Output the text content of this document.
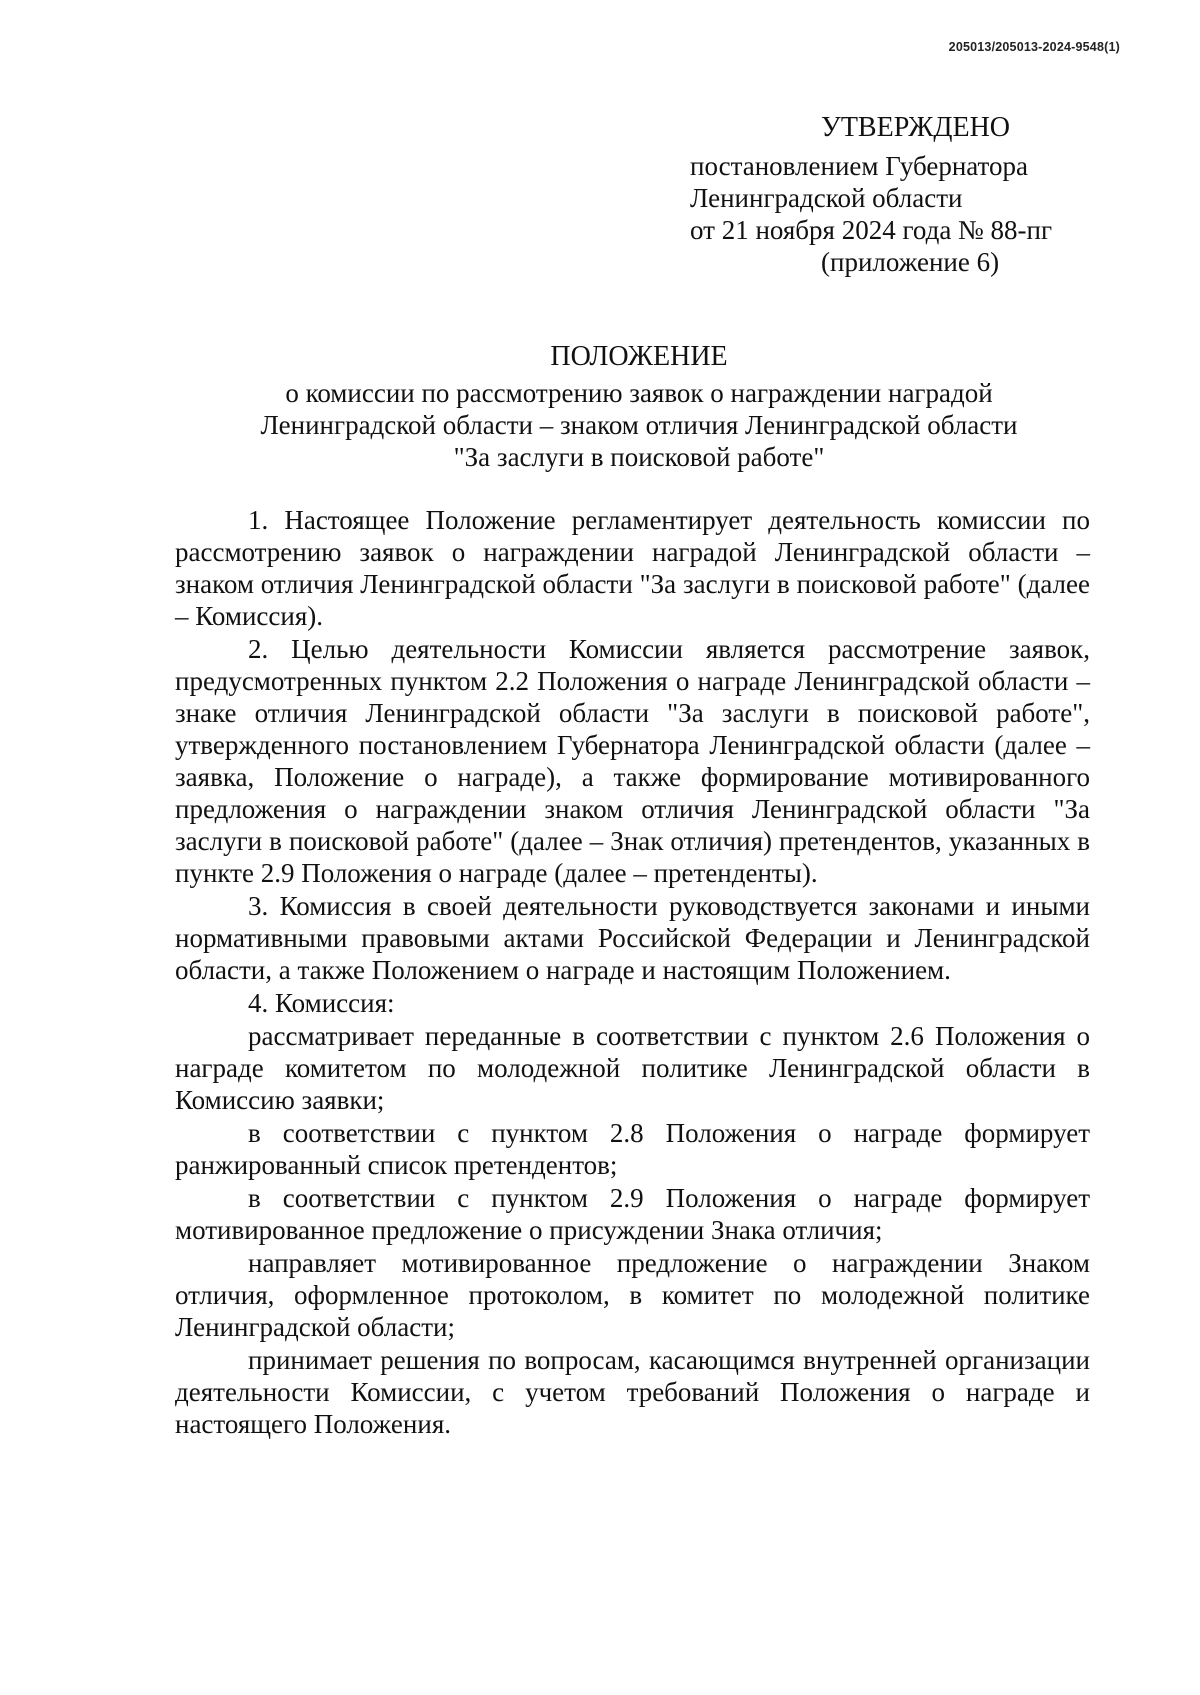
205013/205013-2024-9548(1)
УТВЕРЖДЕНО
постановлением Губернатора
Ленинградской области
от 21 ноября 2024 года № 88-пг
(приложение 6)
ПОЛОЖЕНИЕ
о комиссии по рассмотрению заявок о награждении наградой
Ленинградской области – знаком отличия Ленинградской области
"За заслуги в поисковой работе"

1. Настоящее Положение регламентирует деятельность комиссии по рассмотрению заявок о награждении наградой Ленинградской области – знаком отличия Ленинградской области "За заслуги в поисковой работе" (далее – Комиссия).

2. Целью деятельности Комиссии является рассмотрение заявок, предусмотренных пунктом 2.2 Положения о награде Ленинградской области – знаке отличия Ленинградской области "За заслуги в поисковой работе", утвержденного постановлением Губернатора Ленинградской области (далее – заявка, Положение о награде), а также формирование мотивированного предложения о награждении знаком отличия Ленинградской области "За заслуги в поисковой работе" (далее – Знак отличия) претендентов, указанных в пункте 2.9 Положения о награде (далее – претенденты).

3. Комиссия в своей деятельности руководствуется законами и иными нормативными правовыми актами Российской Федерации и Ленинградской области, а также Положением о награде и настоящим Положением.

4. Комиссия:

рассматривает переданные в соответствии с пунктом 2.6 Положения о награде комитетом по молодежной политике Ленинградской области в Комиссию заявки;

в соответствии с пунктом 2.8 Положения о награде формирует ранжированный список претендентов;

в соответствии с пунктом 2.9 Положения о награде формирует мотивированное предложение о присуждении Знака отличия;

направляет мотивированное предложение о награждении Знаком отличия, оформленное протоколом, в комитет по молодежной политике Ленинградской области;

принимает решения по вопросам, касающимся внутренней организации деятельности Комиссии, с учетом требований Положения о награде и настоящего Положения.
